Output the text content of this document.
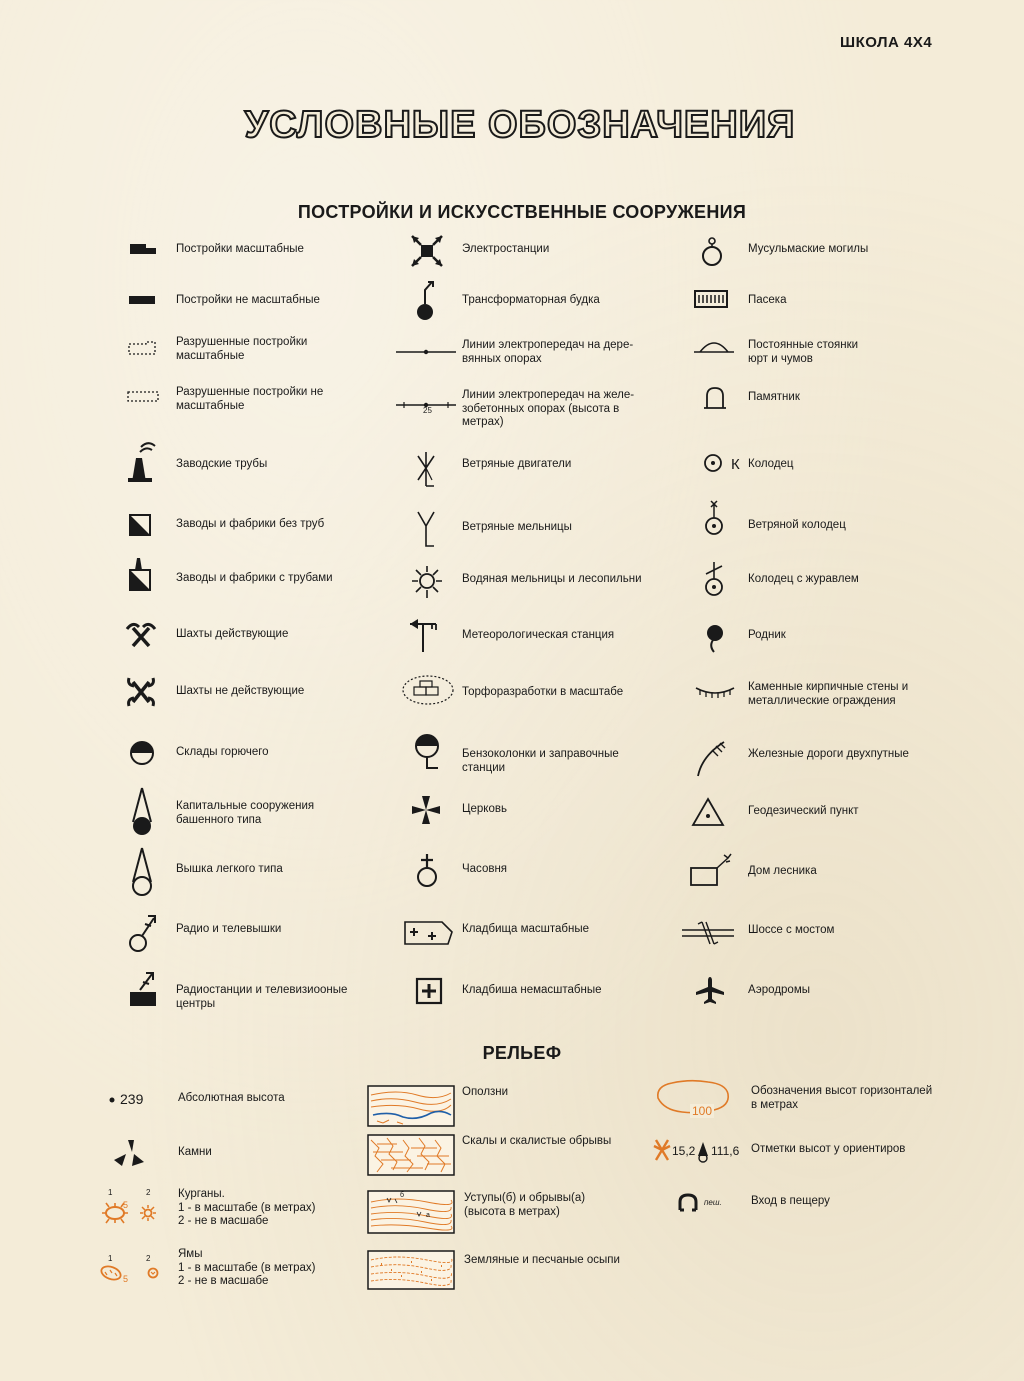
ШКОЛА 4Х4
УСЛОВНЫЕ ОБОЗНАЧЕНИЯ
ПОСТРОЙКИ И ИСКУССТВЕННЫЕ СООРУЖЕНИЯ
Постройки масштабные
Постройки не масштабные
Разрушенные постройки
масштабные
Разрушенные постройки не
масштабные
Заводские трубы
Заводы и фабрики без труб
Заводы и фабрики с трубами
Шахты действующие
Шахты не действующие
Склады горючего
Капитальные сооружения
башенного типа
Вышка легкого типа
Радио и телевышки
Радиостанции и телевизиооные
центры
Электростанции
Трансформаторная будка
Линии электропередач на дере-
вянных опорах
25
Линии электропередач на желе-
зобетонных опорах (высота в
метрах)
Ветряные двигатели
Ветряные мельницы
Водяная мельницы и лесопильни
Метеорологическая станция
Торфоразработки в масштабе
Бензоколонки и заправочные
станции
Церковь
Часовня
Кладбища масштабные
Кладбиша немасштабные
Мусульмаские могилы
Пасека
Постоянные стоянки
юрт и чумов
Памятник
К Колодец
Ветряной колодец
Колодец с журавлем
Родник
Каменные кирпичные стены и
металлические ограждения
Железные дороги двухпутные
Геодезический пункт
Дом лесника
Шоссе с мостом
Аэродромы
РЕЛЬЕФ
239	Абсолютная высота
Камни
1	2
5
Курганы.
1 - в масштабе (в метрах)
2 - не в масшабе
1	2
5
Ямы
1 - в масштабе (в метрах)
2 - не в масшабе
Оползни
Скалы и скалистые обрывы
б
а
Уступы(б) и обрывы(а)
(высота в метрах)
Земляные и песчаные осыпи
100
Обозначения высот горизонталей
в метрах
15,2 111,6 Отметки высот у ориентиров
пеш.	Вход в пещеру
